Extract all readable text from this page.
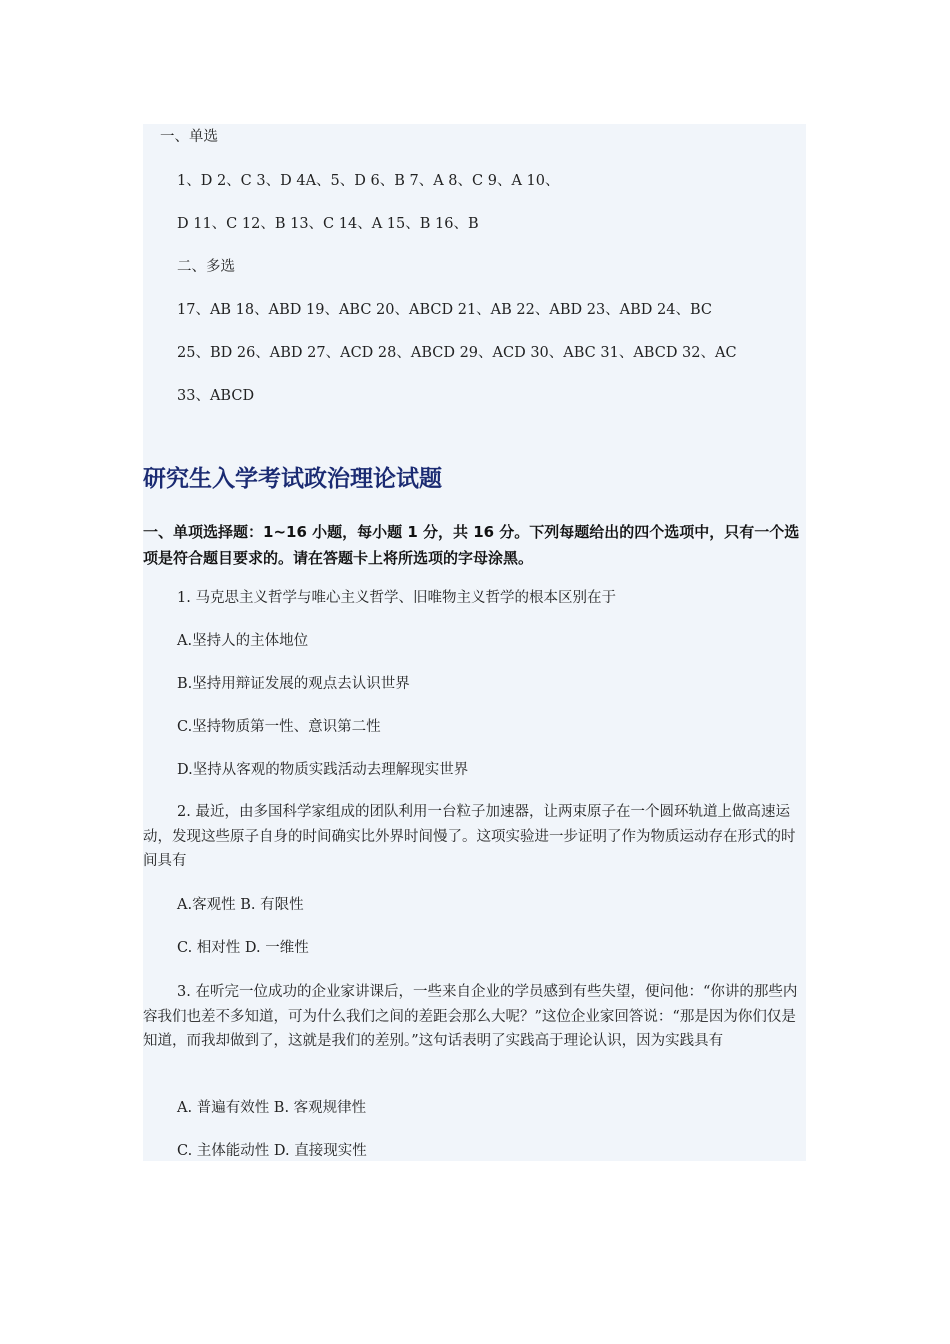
一、单选
1、D 2、C 3、D 4A、5、D 6、B 7、A 8、C 9、A 10、
D 11、C 12、B 13、C 14、A 15、B 16、B
二、多选
17、AB 18、ABD 19、ABC 20、ABCD 21、AB 22、ABD 23、ABD 24、BC
25、BD 26、ABD 27、ACD 28、ABCD 29、ACD 30、ABC 31、ABCD 32、AC
33、ABCD
研究生入学考试政治理论试题
一、单项选择题：1~16 小题，每小题 1 分，共 16 分。下列每题给出的四个选项中，只有一个选项是符合题目要求的。请在答题卡上将所选项的字母涂黑。
1. 马克思主义哲学与唯心主义哲学、旧唯物主义哲学的根本区别在于
A.坚持人的主体地位
B.坚持用辩证发展的观点去认识世界
C.坚持物质第一性、意识第二性
D.坚持从客观的物质实践活动去理解现实世界
2. 最近，由多国科学家组成的团队利用一台粒子加速器，让两束原子在一个圆环轨道上做高速运动，发现这些原子自身的时间确实比外界时间慢了。这项实验进一步证明了作为物质运动存在形式的时间具有
A.客观性 B. 有限性
C. 相对性 D. 一维性
3. 在听完一位成功的企业家讲课后，一些来自企业的学员感到有些失望，便问他：“你讲的那些内容我们也差不多知道，可为什么我们之间的差距会那么大呢？”这位企业家回答说：“那是因为你们仅是知道，而我却做到了，这就是我们的差别。”这句话表明了实践高于理论认识，因为实践具有
A. 普遍有效性 B. 客观规律性
C. 主体能动性 D. 直接现实性
